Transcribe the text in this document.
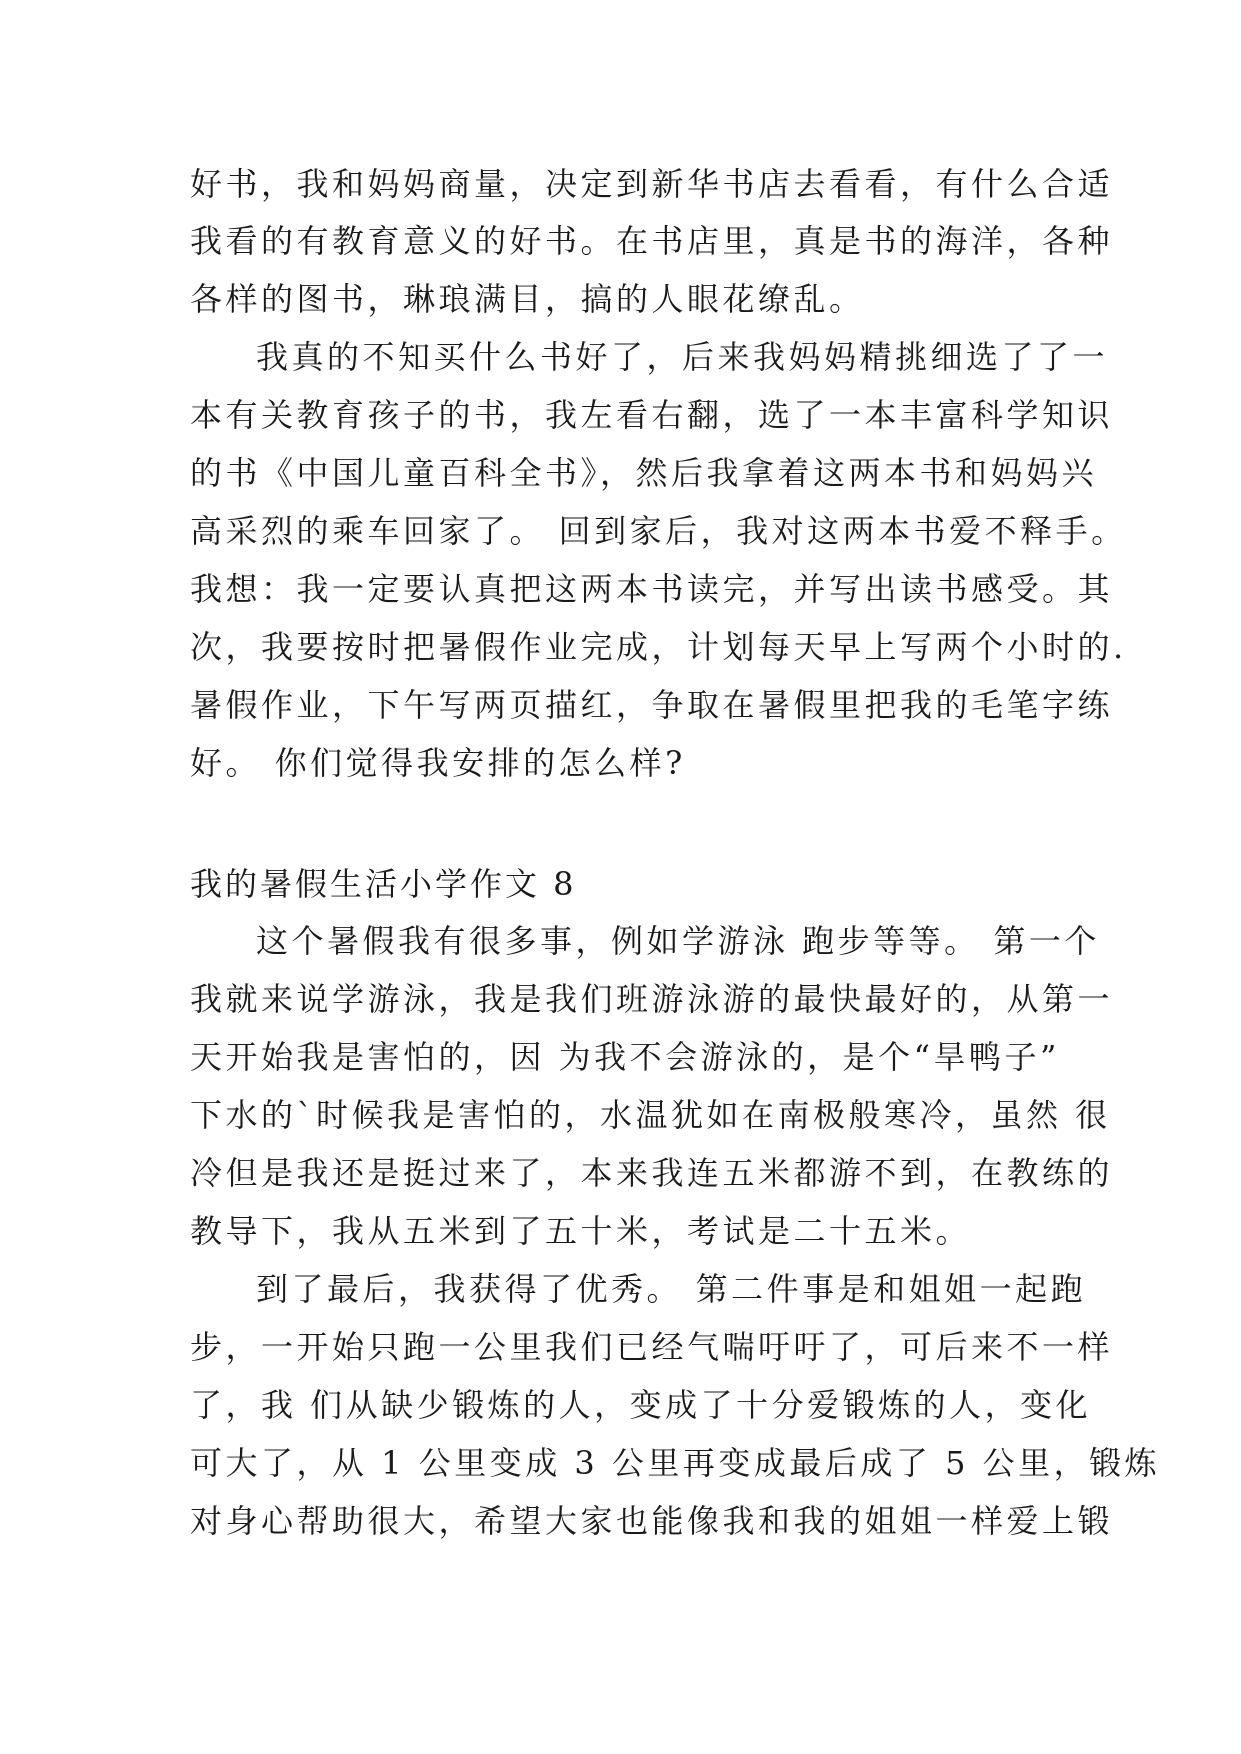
好书，我和妈妈商量，决定到新华书店去看看，有什么合适
我看的有教育意义的好书。在书店里，真是书的海洋，各种
各样的图书，琳琅满目，搞的人眼花缭乱。
我真的不知买什么书好了，后来我妈妈精挑细选了了一
本有关教育孩子的书，我左看右翻，选了一本丰富科学知识
的书《中国儿童百科全书》，然后我拿着这两本书和妈妈兴
高采烈的乘车回家了。 回到家后，我对这两本书爱不释手。
我想：我一定要认真把这两本书读完，并写出读书感受。其
次，我要按时把暑假作业完成，计划每天早上写两个小时的.
暑假作业，下午写两页描红，争取在暑假里把我的毛笔字练
好。 你们觉得我安排的怎么样?
我的暑假生活小学作文 8
这个暑假我有很多事，例如学游泳 跑步等等。 第一个
我就来说学游泳，我是我们班游泳游的最快最好的，从第一
天开始我是害怕的，因 为我不会游泳的，是个“旱鸭子”
下水的`时候我是害怕的，水温犹如在南极般寒冷，虽然 很
冷但是我还是挺过来了，本来我连五米都游不到，在教练的
教导下，我从五米到了五十米，考试是二十五米。
到了最后，我获得了优秀。 第二件事是和姐姐一起跑
步，一开始只跑一公里我们已经气喘吁吁了，可后来不一样
了，我 们从缺少锻炼的人，变成了十分爱锻炼的人，变化
可大了，从 1 公里变成 3 公里再变成最后成了 5 公里，锻炼
对身心帮助很大，希望大家也能像我和我的姐姐一样爱上锻
